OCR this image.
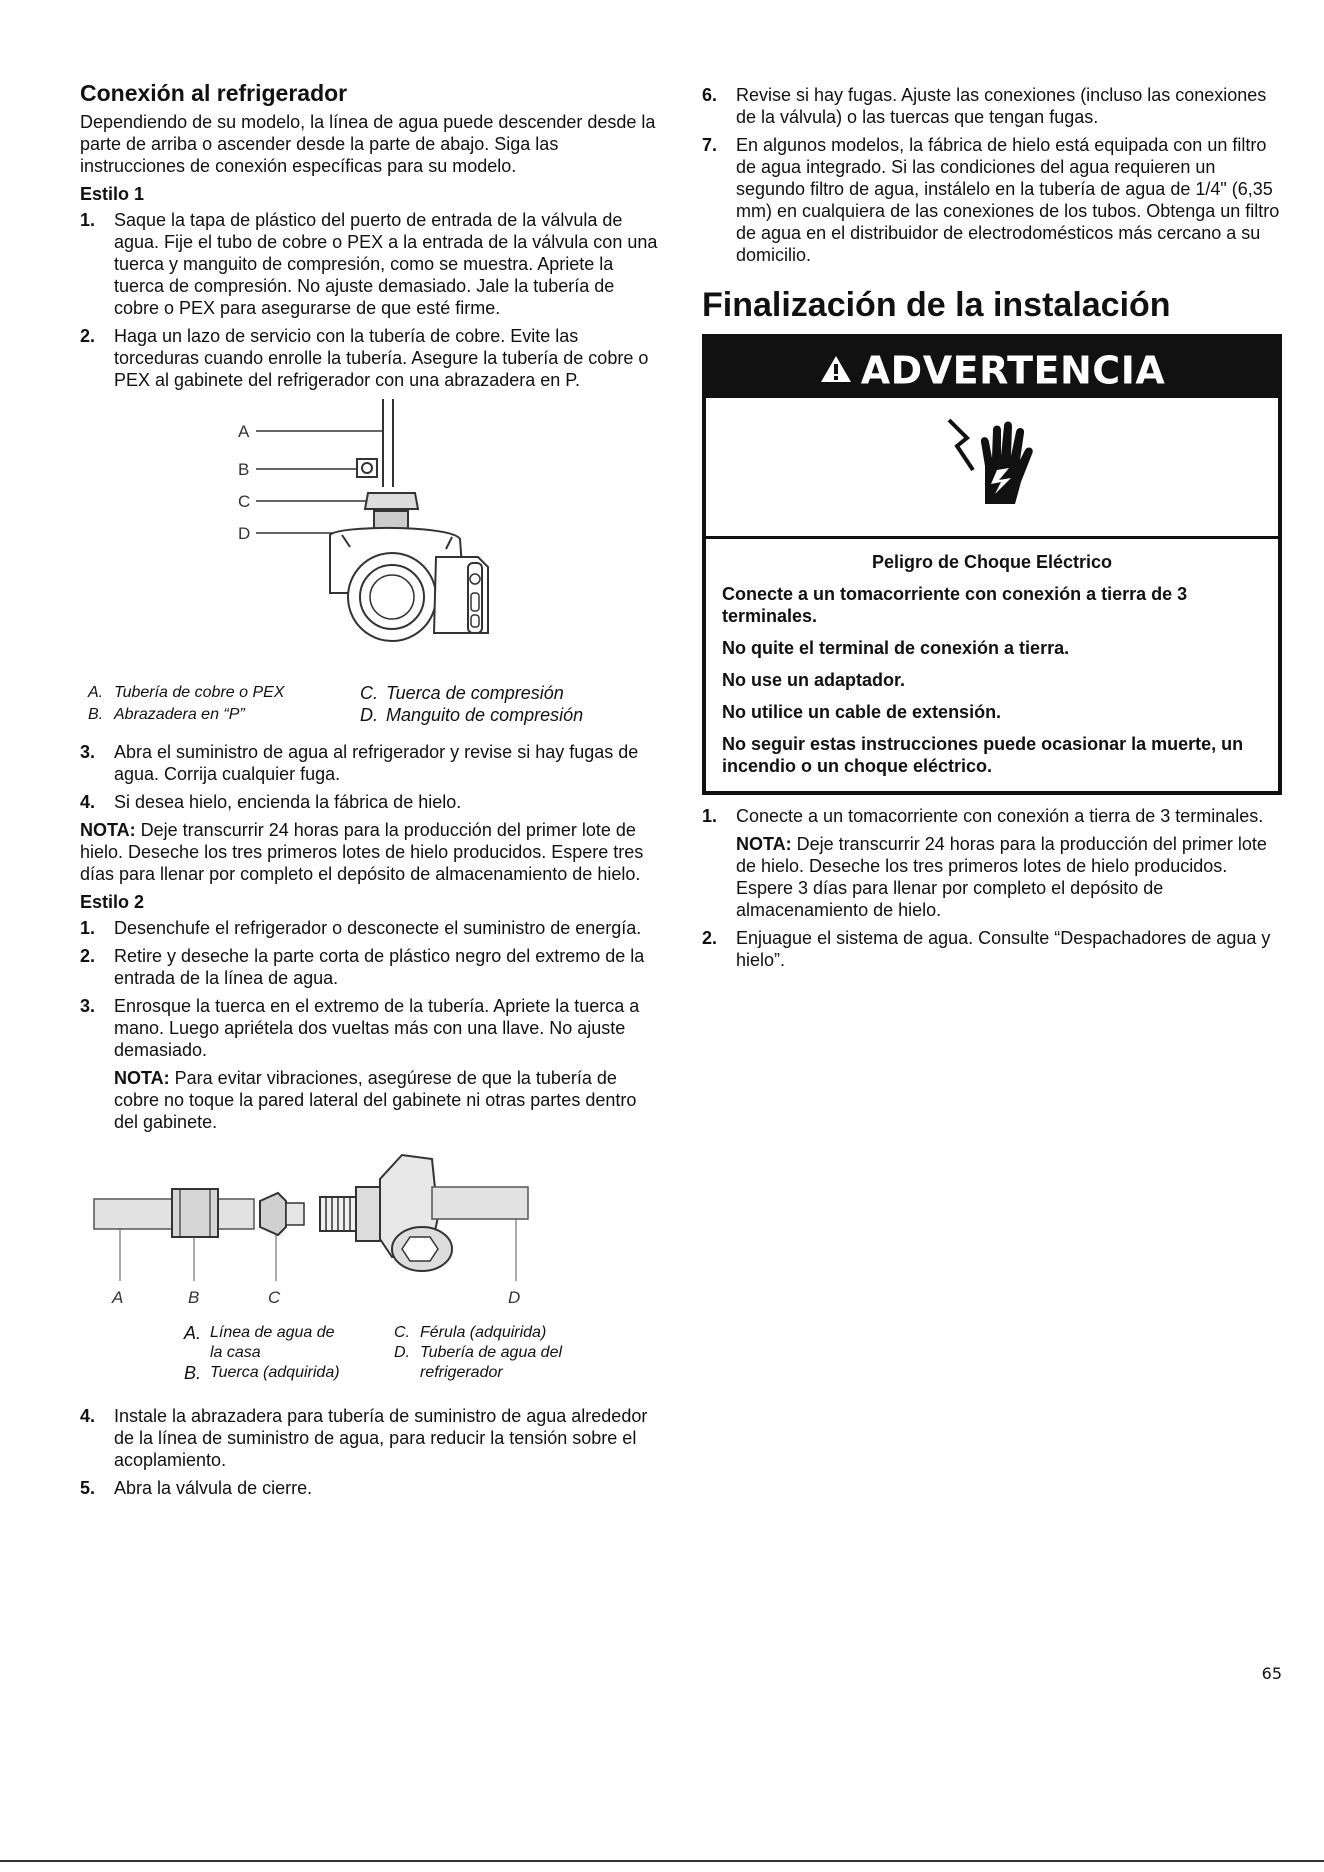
Conexión al refrigerador

Dependiendo de su modelo, la línea de agua puede descender desde la parte de arriba o ascender desde la parte de abajo. Siga las instrucciones de conexión específicas para su modelo.

Estilo 1
1. Saque la tapa de plástico del puerto de entrada de la válvula de agua. Fije el tubo de cobre o PEX a la entrada de la válvula con una tuerca y manguito de compresión, como se muestra. Apriete la tuerca de compresión. No ajuste demasiado. Jale la tubería de cobre o PEX para asegurarse de que esté firme.
2. Haga un lazo de servicio con la tubería de cobre. Evite las torceduras cuando enrolle la tubería. Asegure la tubería de cobre o PEX al gabinete del refrigerador con una abrazadera en P.
A
B
C
D
A. Tubería de cobre o PEX	C. Tuerca de compresión
B. Abrazadera en “P”	D. Manguito de compresión
3. Abra el suministro de agua al refrigerador y revise si hay fugas de agua. Corrija cualquier fuga.
4. Si desea hielo, encienda la fábrica de hielo.

NOTA: Deje transcurrir 24 horas para la producción del primer lote de hielo. Deseche los tres primeros lotes de hielo producidos. Espere tres días para llenar por completo el depósito de almacenamiento de hielo.

Estilo 2
1. Desenchufe el refrigerador o desconecte el suministro de energía.
2. Retire y deseche la parte corta de plástico negro del extremo de la entrada de la línea de agua.
3. Enrosque la tuerca en el extremo de la tubería. Apriete la tuerca a mano. Luego apriétela dos vueltas más con una llave. No ajuste demasiado.
NOTA: Para evitar vibraciones, asegúrese de que la tubería de cobre no toque la pared lateral del gabinete ni otras partes dentro del gabinete.
A	B	C	D
A. Línea de agua de la casa
B. Tuerca (adquirida)
C. Férula (adquirida)
D. Tubería de agua del refrigerador
4. Instale la abrazadera para tubería de suministro de agua alrededor de la línea de suministro de agua, para reducir la tensión sobre el acoplamiento.
5. Abra la válvula de cierre.
6. Revise si hay fugas. Ajuste las conexiones (incluso las conexiones de la válvula) o las tuercas que tengan fugas.
7. En algunos modelos, la fábrica de hielo está equipada con un filtro de agua integrado. Si las condiciones del agua requieren un segundo filtro de agua, instálelo en la tubería de agua de 1/4" (6,35 mm) en cualquiera de las conexiones de los tubos. Obtenga un filtro de agua en el distribuidor de electrodomésticos más cercano a su domicilio.
Finalización de la instalación
ADVERTENCIA
Peligro de Choque Eléctrico
Conecte a un tomacorriente con conexión a tierra de 3 terminales.
No quite el terminal de conexión a tierra.
No use un adaptador.
No utilice un cable de extensión.
No seguir estas instrucciones puede ocasionar la muerte, un incendio o un choque eléctrico.
1. Conecte a un tomacorriente con conexión a tierra de 3 terminales.
NOTA: Deje transcurrir 24 horas para la producción del primer lote de hielo. Deseche los tres primeros lotes de hielo producidos. Espere 3 días para llenar por completo el depósito de almacenamiento de hielo.
2. Enjuague el sistema de agua. Consulte “Despachadores de agua y hielo”.
65
